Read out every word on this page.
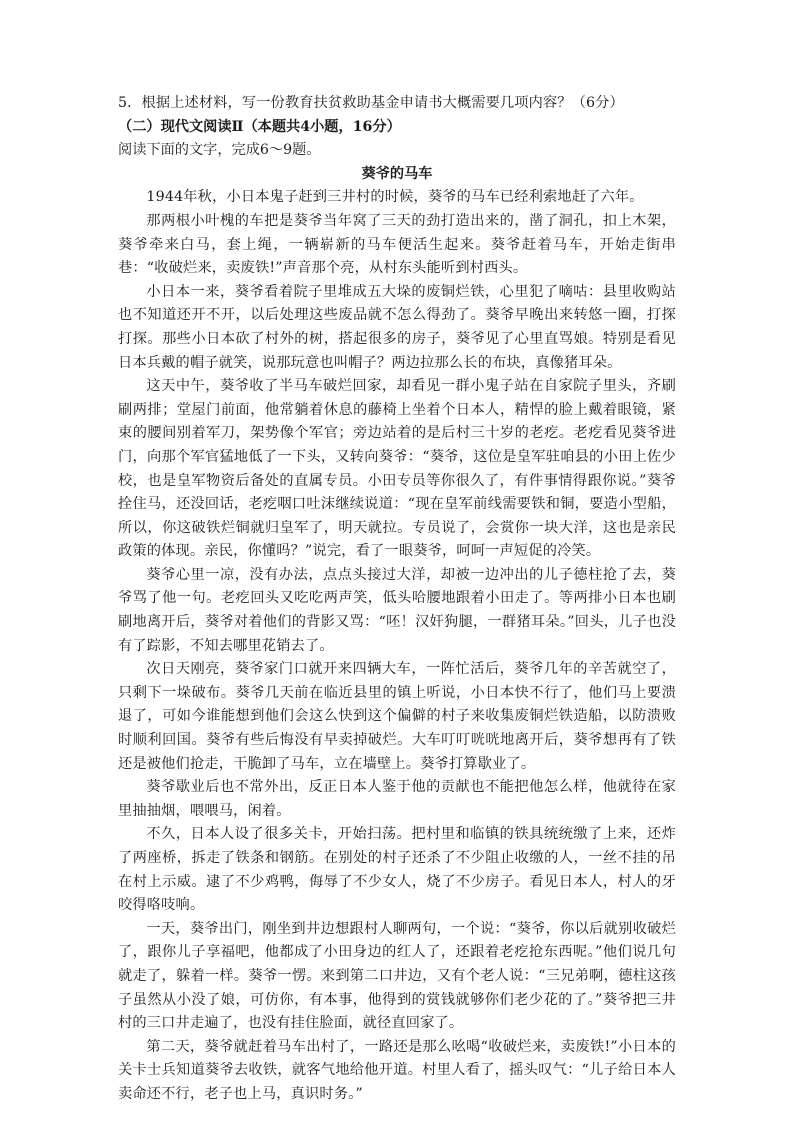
5．根据上述材料，写一份教育扶贫救助基金申请书大概需要几项内容？（6分）

（二）现代文阅读Ⅱ（本题共4小题，16分）

阅读下面的文字，完成6～9题。

葵爷的马车

1944年秋，小日本鬼子赶到三井村的时候，葵爷的马车已经利索地赶了六年。

那两根小叶槐的车把是葵爷当年窝了三天的劲打造出来的，凿了洞孔，扣上木架，葵爷牵来白马，套上绳，一辆崭新的马车便活生起来。葵爷赶着马车，开始走街串巷：“收破烂来，卖废铁!”声音那个亮，从村东头能听到村西头。

小日本一来，葵爷看着院子里堆成五大垛的废铜烂铁，心里犯了嘀咕：县里收购站也不知道还开不开，以后处理这些废品就不怎么得劲了。葵爷早晚出来转悠一圈，打探打探。那些小日本砍了村外的树，搭起很多的房子，葵爷见了心里直骂娘。特别是看见日本兵戴的帽子就笑，说那玩意也叫帽子？两边拉那么长的布块，真像猪耳朵。

这天中午，葵爷收了半马车破烂回家，却看见一群小鬼子站在自家院子里头，齐刷刷两排；堂屋门前面，他常躺着休息的藤椅上坐着个日本人，精悍的脸上戴着眼镜，紧束的腰间别着军刀，架势像个军官；旁边站着的是后村三十岁的老疙。老疙看见葵爷进门，向那个军官猛地低了一下头，又转向葵爷：“葵爷，这位是皇军驻咱县的小田上佐少校，也是皇军物资后备处的直属专员。小田专员等你很久了，有件事情得跟你说。”葵爷拴住马，还没回话，老疙咽口吐沫继续说道：“现在皇军前线需要铁和铜，要造小型船，所以，你这破铁烂铜就归皇军了，明天就拉。专员说了，会赏你一块大洋，这也是亲民政策的体现。亲民，你懂吗？”说完，看了一眼葵爷，呵呵一声短促的冷笑。

葵爷心里一凉，没有办法，点点头接过大洋，却被一边冲出的儿子德柱抢了去，葵爷骂了他一句。老疙回头又吃吃两声笑，低头哈腰地跟着小田走了。等两排小日本也刷刷地离开后，葵爷对着他们的背影又骂：“呸！汉奸狗腿，一群猪耳朵。”回头，儿子也没有了踪影，不知去哪里花销去了。

次日天刚亮，葵爷家门口就开来四辆大车，一阵忙活后，葵爷几年的辛苦就空了，只剩下一垛破布。葵爷几天前在临近县里的镇上听说，小日本快不行了，他们马上要溃退了，可如今谁能想到他们会这么快到这个偏僻的村子来收集废铜烂铁造船，以防溃败时顺利回国。葵爷有些后悔没有早卖掉破烂。大车叮叮咣咣地离开后，葵爷想再有了铁还是被他们抢走，干脆卸了马车，立在墙壁上。葵爷打算歇业了。

葵爷歇业后也不常外出，反正日本人鉴于他的贡献也不能把他怎么样，他就待在家里抽抽烟，喂喂马，闲着。

不久，日本人设了很多关卡，开始扫荡。把村里和临镇的铁具统统缴了上来，还炸了两座桥，拆走了铁条和钢筋。在别处的村子还杀了不少阻止收缴的人，一丝不挂的吊在村上示威。逮了不少鸡鸭，侮辱了不少女人，烧了不少房子。看见日本人，村人的牙咬得咯吱响。

一天，葵爷出门，刚坐到井边想跟村人聊两句，一个说：“葵爷，你以后就别收破烂了，跟你儿子享福吧，他都成了小田身边的红人了，还跟着老疙抢东西呢。”他们说几句就走了，躲着一样。葵爷一愣。来到第二口井边，又有个老人说：“三兄弟啊，德柱这孩子虽然从小没了娘，可仿你，有本事，他得到的赏钱就够你们老少花的了。”葵爷把三井村的三口井走遍了，也没有挂住脸面，就径直回家了。

第二天，葵爷就赶着马车出村了，一路还是那么吆喝“收破烂来，卖废铁!”小日本的关卡士兵知道葵爷去收铁，就客气地给他开道。村里人看了，摇头叹气：“儿子给日本人卖命还不行，老子也上马，真识时务。”
